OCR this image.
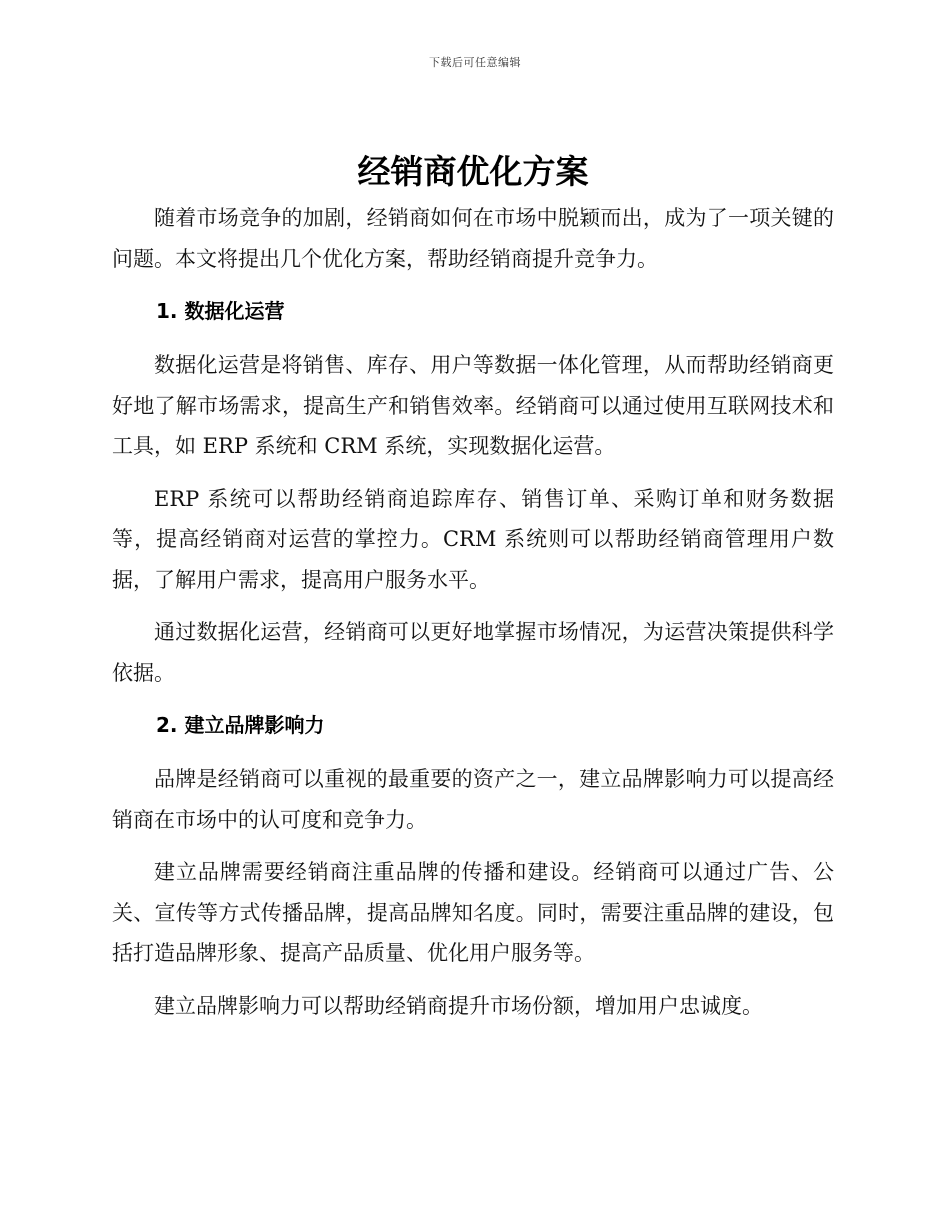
下载后可任意编辑
经销商优化方案

随着市场竞争的加剧，经销商如何在市场中脱颖而出，成为了一项关键的问题。本文将提出几个优化方案，帮助经销商提升竞争力。

1. 数据化运营

数据化运营是将销售、库存、用户等数据一体化管理，从而帮助经销商更好地了解市场需求，提高生产和销售效率。经销商可以通过使用互联网技术和工具，如 ERP 系统和 CRM 系统，实现数据化运营。

ERP 系统可以帮助经销商追踪库存、销售订单、采购订单和财务数据等，提高经销商对运营的掌控力。CRM 系统则可以帮助经销商管理用户数据，了解用户需求，提高用户服务水平。

通过数据化运营，经销商可以更好地掌握市场情况，为运营决策提供科学依据。

2. 建立品牌影响力

品牌是经销商可以重视的最重要的资产之一，建立品牌影响力可以提高经销商在市场中的认可度和竞争力。

建立品牌需要经销商注重品牌的传播和建设。经销商可以通过广告、公关、宣传等方式传播品牌，提高品牌知名度。同时，需要注重品牌的建设，包括打造品牌形象、提高产品质量、优化用户服务等。

建立品牌影响力可以帮助经销商提升市场份额，增加用户忠诚度。
